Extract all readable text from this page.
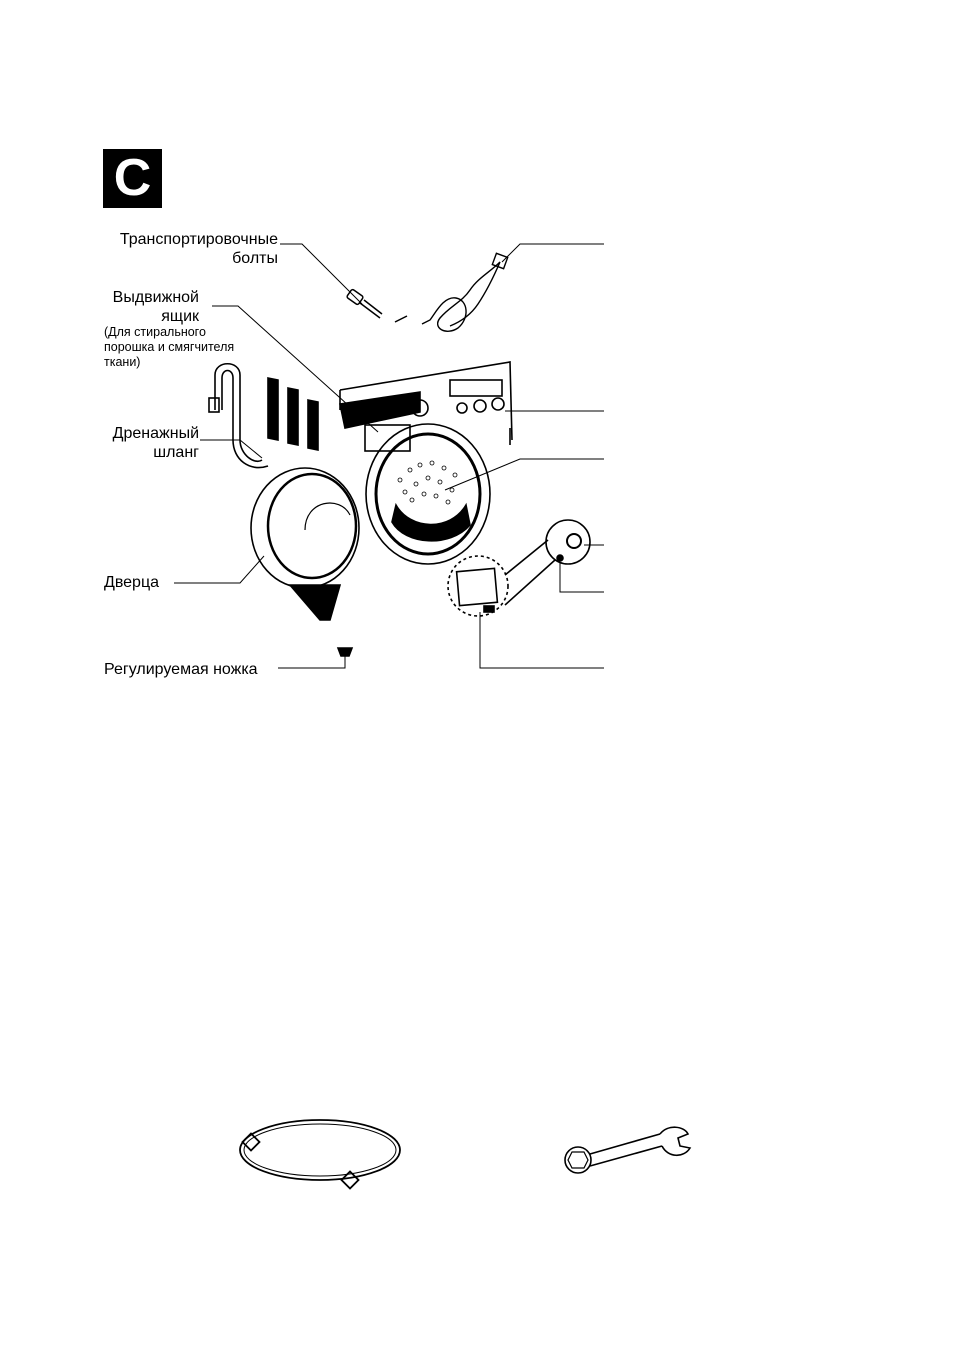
C
Транспортировочные
болты
Выдвижной
ящик
(Для стирального
порошка и смягчителя
ткани)
Дренажный
шланг
Дверца
Регулируемая ножка
